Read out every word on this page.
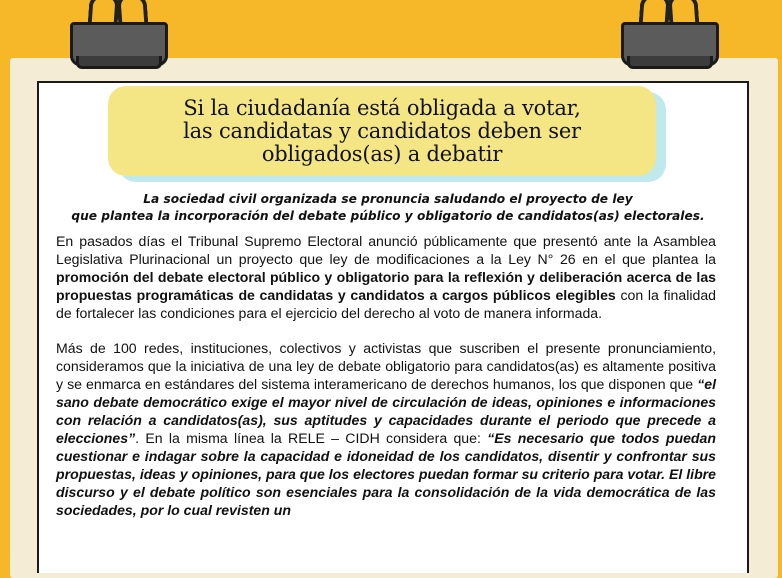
Si la ciudadanía está obligada a votar, las candidatas y candidatos deben ser obligados(as) a debatir
La sociedad civil organizada se pronuncia saludando el proyecto de ley
que plantea la incorporación del debate público y obligatorio de candidatos(as) electorales.

En pasados días el Tribunal Supremo Electoral anunció públicamente que presentó ante la Asamblea Legislativa Plurinacional un proyecto que ley de modificaciones a la Ley N° 26 en el que plantea la promoción del debate electoral público y obligatorio para la reflexión y deliberación acerca de las propuestas programáticas de candidatas y candidatos a cargos públicos elegibles con la finalidad de fortalecer las condiciones para el ejercicio del derecho al voto de manera informada.

Más de 100 redes, instituciones, colectivos y activistas que suscriben el presente pronunciamiento, consideramos que la iniciativa de una ley de debate obligatorio para candidatos(as) es altamente positiva y se enmarca en estándares del sistema interamericano de derechos humanos, los que disponen que “el sano debate democrático exige el mayor nivel de circulación de ideas, opiniones e informaciones con relación a candidatos(as), sus aptitudes y capacidades durante el periodo que precede a elecciones”. En la misma línea la RELE – CIDH considera que: “Es necesario que todos puedan cuestionar e indagar sobre la capacidad e idoneidad de los candidatos, disentir y confrontar sus propuestas, ideas y opiniones, para que los electores puedan formar su criterio para votar. El libre discurso y el debate político son esenciales para la consolidación de la vida democrática de las sociedades, por lo cual revisten un
